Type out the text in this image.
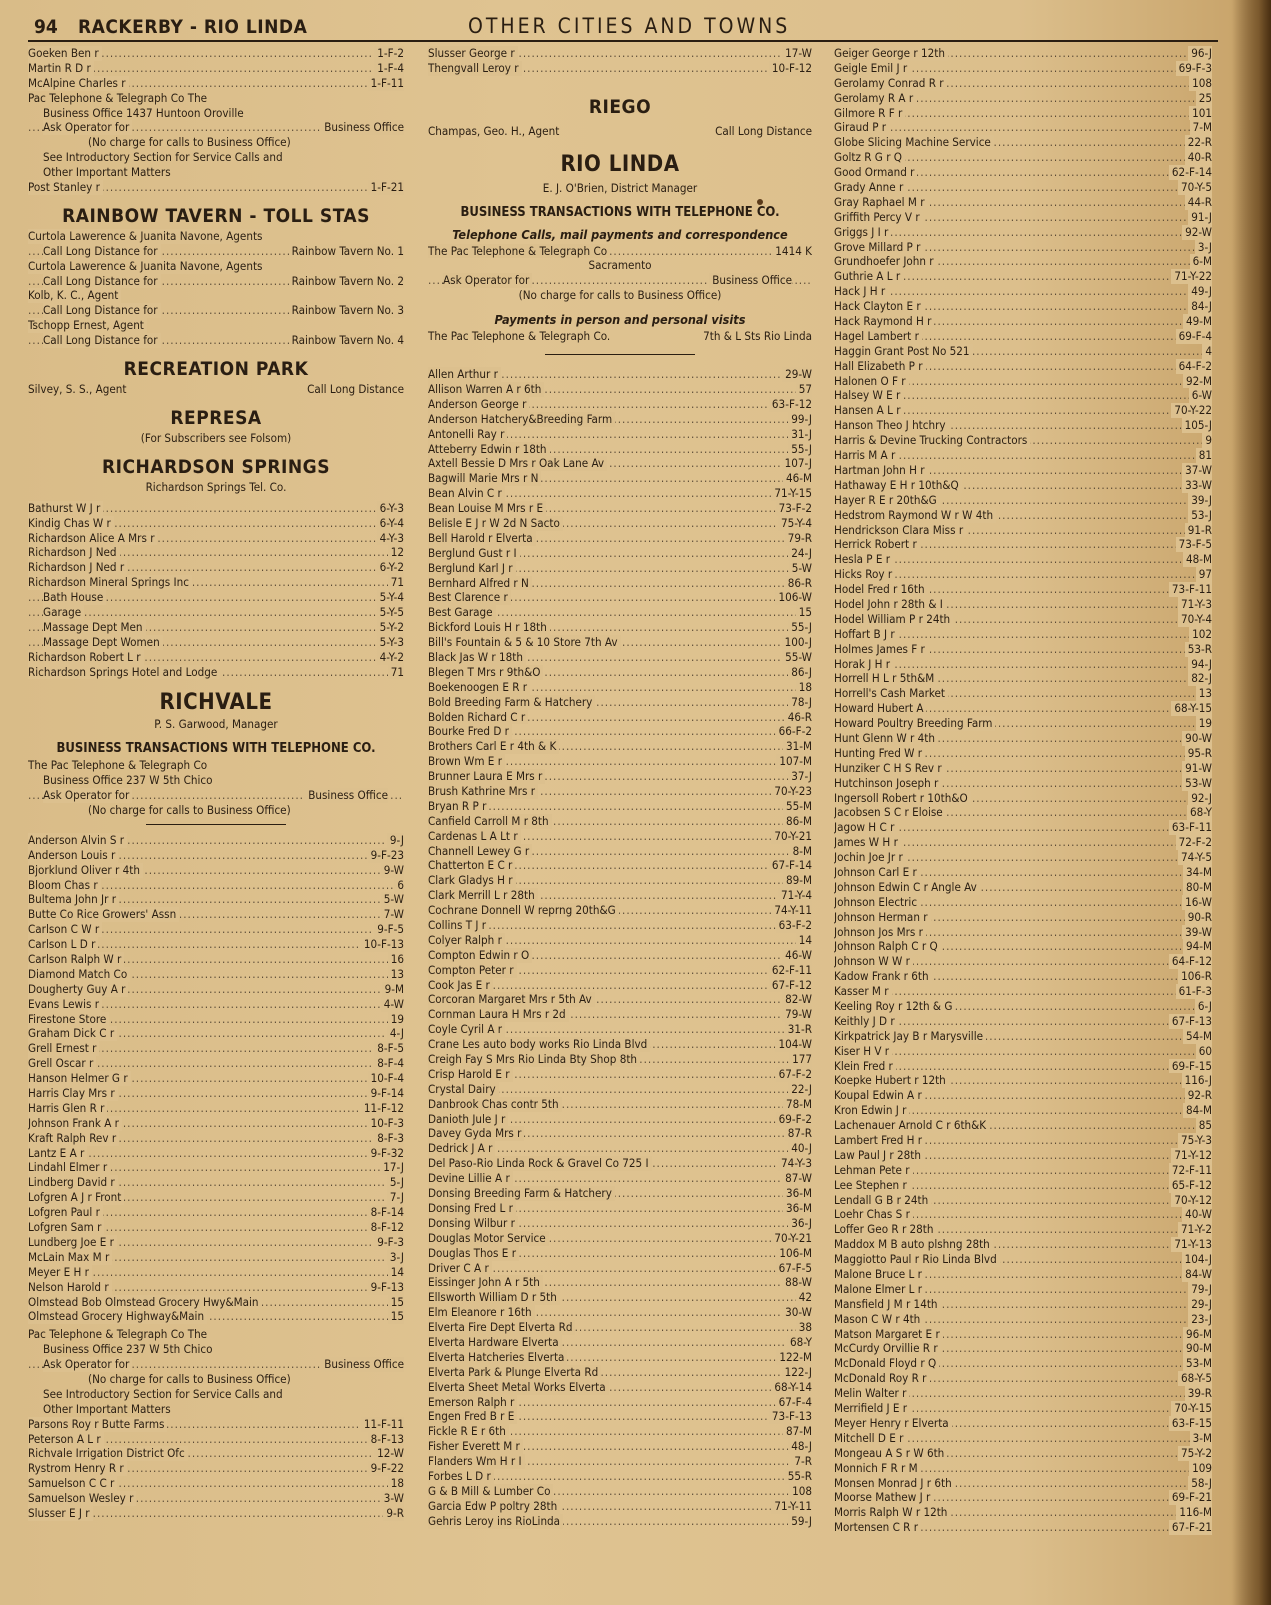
94 RACKERBY - RIO LINDA	OTHER CITIES AND TOWNS
.....
Goeken Ben r	1-F-2
.....
Martin R D r	1-F-4
.....
McAlpine Charles r	1-F-11
Pac Telephone & Telegraph Co The
Business Office 1437 Huntoon Oroville
.....
Ask Operator for	Business Office
(No charge for calls to Business Office)
See Introductory Section for Service Calls and
Other Important Matters
.....
Post Stanley r	1-F-21
RAINBOW TAVERN - TOLL STAS
Curtola Lawerence & Juanita Navone, Agents
.....
Call Long Distance for	Rainbow Tavern No. 1
Curtola Lawerence & Juanita Navone, Agents
.....
Call Long Distance for	Rainbow Tavern No. 2
Kolb, K. C., Agent
.....
Call Long Distance for	Rainbow Tavern No. 3
Tschopp Ernest, Agent
.....
Call Long Distance for	Rainbow Tavern No. 4
RECREATION PARK
Silvey, S. S., Agent	Call Long Distance
REPRESA
(For Subscribers see Folsom)
RICHARDSON SPRINGS
Richardson Springs Tel. Co.
.....
Bathurst W J r	6-Y-3
.....
Kindig Chas W r	6-Y-4
.....
Richardson Alice A Mrs r	4-Y-3
.....
Richardson J Ned	12
.....
Richardson J Ned r	6-Y-2
.....
Richardson Mineral Springs Inc	71
.....
Bath House	5-Y-4
.....
Garage	5-Y-5
.....
Massage Dept Men	5-Y-2
.....
Massage Dept Women	5-Y-3
.....
Richardson Robert L r	4-Y-2
.....
Richardson Springs Hotel and Lodge	71
RICHVALE
P. S. Garwood, Manager
BUSINESS TRANSACTIONS WITH TELEPHONE CO.
The Pac Telephone & Telegraph Co
Business Office 237 W 5th Chico
.....
Ask Operator for	Business Office
(No charge for calls to Business Office)
.....
Anderson Alvin S r	9-J
.....
Anderson Louis r	9-F-23
.....
Bjorklund Oliver r 4th	9-W
.....
Bloom Chas r	6
.....
Bultema John Jr r	5-W
.....
Butte Co Rice Growers' Assn	7-W
.....
Carlson C W r	9-F-5
.....
Carlson L D r	10-F-13
.....
Carlson Ralph W r	16
.....
Diamond Match Co	13
.....
Dougherty Guy A r	9-M
.....
Evans Lewis r	4-W
.....
Firestone Store	19
.....
Graham Dick C r	4-J
.....
Grell Ernest r	8-F-5
.....
Grell Oscar r	8-F-4
.....
Hanson Helmer G r	10-F-4
.....
Harris Clay Mrs r	9-F-14
.....
Harris Glen R r	11-F-12
.....
Johnson Frank A r	10-F-3
.....
Kraft Ralph Rev r	8-F-3
.....
Lantz E A r	9-F-32
.....
Lindahl Elmer r	17-J
.....
Lindberg David r	5-J
.....
Lofgren A J r Front	7-J
.....
Lofgren Paul r	8-F-14
.....
Lofgren Sam r	8-F-12
.....
Lundberg Joe E r	9-F-3
.....
McLain Max M r	3-J
.....
Meyer E H r	14
.....
Nelson Harold r	9-F-13
.....
Olmstead Bob Olmstead Grocery Hwy&Main	15
.....
Olmstead Grocery Highway&Main	15
Pac Telephone & Telegraph Co The
Business Office 237 W 5th Chico
.....
Ask Operator for	Business Office
(No charge for calls to Business Office)
See Introductory Section for Service Calls and
Other Important Matters
.....
Parsons Roy r Butte Farms	11-F-11
.....
Peterson A L r	8-F-13
.....
Richvale Irrigation District Ofc	12-W
.....
Rystrom Henry R r	9-F-22
.....
Samuelson C C r	18
.....
Samuelson Wesley r	3-W
.....
Slusser E J r	9-R
.....
Slusser George r	17-W
.....
Thengvall Leroy r	10-F-12
RIEGO
Champas, Geo. H., Agent	Call Long Distance
RIO LINDA
E. J. O'Brien, District Manager
BUSINESS TRANSACTIONS WITH TELEPHONE CO.
Telephone Calls, mail payments and correspondence
.....
The Pac Telephone & Telegraph Co	1414 K
Sacramento
.....
Ask Operator for	Business Office
(No charge for calls to Business Office)
Payments in person and personal visits
The Pac Telephone & Telegraph Co.	7th & L Sts Rio Linda
.....
Allen Arthur r	29-W
.....
Allison Warren A r 6th	57
.....
Anderson George r	63-F-12
.....
Anderson Hatchery&Breeding Farm	99-J
.....
Antonelli Ray r	31-J
.....
Atteberry Edwin r 18th	55-J
.....
Axtell Bessie D Mrs r Oak Lane Av	107-J
.....
Bagwill Marie Mrs r N	46-M
.....
Bean Alvin C r	71-Y-15
.....
Bean Louise M Mrs r E	73-F-2
.....
Belisle E J r W 2d N Sacto	75-Y-4
.....
Bell Harold r Elverta	79-R
.....
Berglund Gust r I	24-J
.....
Berglund Karl J r	5-W
.....
Bernhard Alfred r N	86-R
.....
Best Clarence r	106-W
.....
Best Garage	15
.....
Bickford Louis H r 18th	55-J
.....
Bill's Fountain & 5 & 10 Store 7th Av	100-J
.....
Black Jas W r 18th	55-W
.....
Blegen T Mrs r 9th&O	86-J
.....
Boekenoogen E R r	18
.....
Bold Breeding Farm & Hatchery	78-J
.....
Bolden Richard C r	46-R
.....
Bourke Fred D r	66-F-2
.....
Brothers Carl E r 4th & K	31-M
.....
Brown Wm E r	107-M
.....
Brunner Laura E Mrs r	37-J
.....
Brush Kathrine Mrs r	70-Y-23
.....
Bryan R P r	55-M
.....
Canfield Carroll M r 8th	86-M
.....
Cardenas L A Lt r	70-Y-21
.....
Channell Lewey G r	8-M
.....
Chatterton E C r	67-F-14
.....
Clark Gladys H r	89-M
.....
Clark Merrill L r 28th	71-Y-4
.....
Cochrane Donnell W reprng 20th&G	74-Y-11
.....
Collins T J r	63-F-2
.....
Colyer Ralph r	14
.....
Compton Edwin r O	46-W
.....
Compton Peter r	62-F-11
.....
Cook Jas E r	67-F-12
.....
Corcoran Margaret Mrs r 5th Av	82-W
.....
Cornman Laura H Mrs r 2d	79-W
.....
Coyle Cyril A r	31-R
.....
Crane Les auto body works Rio Linda Blvd	104-W
.....
Creigh Fay S Mrs Rio Linda Bty Shop 8th	177
.....
Crisp Harold E r	67-F-2
.....
Crystal Dairy	22-J
.....
Danbrook Chas contr 5th	78-M
.....
Danioth Jule J r	69-F-2
.....
Davey Gyda Mrs r	87-R
.....
Dedrick J A r	40-J
.....
Del Paso-Rio Linda Rock & Gravel Co 725 I	74-Y-3
.....
Devine Lillie A r	87-W
.....
Donsing Breeding Farm & Hatchery	36-M
.....
Donsing Fred L r	36-M
.....
Donsing Wilbur r	36-J
.....
Douglas Motor Service	70-Y-21
.....
Douglas Thos E r	106-M
.....
Driver C A r	67-F-5
.....
Eissinger John A r 5th	88-W
.....
Ellsworth William D r 5th	42
.....
Elm Eleanore r 16th	30-W
.....
Elverta Fire Dept Elverta Rd	38
.....
Elverta Hardware Elverta	68-Y
.....
Elverta Hatcheries Elverta	122-M
.....
Elverta Park & Plunge Elverta Rd	122-J
.....
Elverta Sheet Metal Works Elverta	68-Y-14
.....
Emerson Ralph r	67-F-4
.....
Engen Fred B r E	73-F-13
.....
Fickle R E r 6th	87-M
.....
Fisher Everett M r	48-J
.....
Flanders Wm H r I	7-R
.....
Forbes L D r	55-R
.....
G & B Mill & Lumber Co	108
.....
Garcia Edw P poltry 28th	71-Y-11
.....
Gehris Leroy ins RioLinda	59-J
.....
Geiger George r 12th	96-J
.....
Geigle Emil J r	69-F-3
.....
Gerolamy Conrad R r	108
.....
Gerolamy R A r	25
.....
Gilmore R F r	101
.....
Giraud P r	7-M
.....
Globe Slicing Machine Service	22-R
.....
Goltz R G r Q	40-R
.....
Good Ormand r	62-F-14
.....
Grady Anne r	70-Y-5
.....
Gray Raphael M r	44-R
.....
Griffith Percy V r	91-J
.....
Griggs J I r	92-W
.....
Grove Millard P r	3-J
.....
Grundhoefer John r	6-M
.....
Guthrie A L r	71-Y-22
.....
Hack J H r	49-J
.....
Hack Clayton E r	84-J
.....
Hack Raymond H r	49-M
.....
Hagel Lambert r	69-F-4
.....
Haggin Grant Post No 521	4
.....
Hall Elizabeth P r	64-F-2
.....
Halonen O F r	92-M
.....
Halsey W E r	6-W
.....
Hansen A L r	70-Y-22
.....
Hanson Theo J htchry	105-J
.....
Harris & Devine Trucking Contractors	9
.....
Harris M A r	81
.....
Hartman John H r	37-W
.....
Hathaway E H r 10th&Q	33-W
.....
Hayer R E r 20th&G	39-J
.....
Hedstrom Raymond W r W 4th	53-J
.....
Hendrickson Clara Miss r	91-R
.....
Herrick Robert r	73-F-5
.....
Hesla P E r	48-M
.....
Hicks Roy r	97
.....
Hodel Fred r 16th	73-F-11
.....
Hodel John r 28th & I	71-Y-3
.....
Hodel William P r 24th	70-Y-4
.....
Hoffart B J r	102
.....
Holmes James F r	53-R
.....
Horak J H r	94-J
.....
Horrell H L r 5th&M	82-J
.....
Horrell's Cash Market	13
.....
Howard Hubert A	68-Y-15
.....
Howard Poultry Breeding Farm	19
.....
Hunt Glenn W r 4th	90-W
.....
Hunting Fred W r	95-R
.....
Hunziker C H S Rev r	91-W
.....
Hutchinson Joseph r	53-W
.....
Ingersoll Robert r 10th&O	92-J
.....
Jacobsen S C r Eloise	68-Y
.....
Jagow H C r	63-F-11
.....
James W H r	72-F-2
.....
Jochin Joe Jr r	74-Y-5
.....
Johnson Carl E r	34-M
.....
Johnson Edwin C r Angle Av	80-M
.....
Johnson Electric	16-W
.....
Johnson Herman r	90-R
.....
Johnson Jos Mrs r	39-W
.....
Johnson Ralph C r Q	94-M
.....
Johnson W W r	64-F-12
.....
Kadow Frank r 6th	106-R
.....
Kasser M r	61-F-3
.....
Keeling Roy r 12th & G	6-J
.....
Keithly J D r	67-F-13
.....
Kirkpatrick Jay B r Marysville	54-M
.....
Kiser H V r	60
.....
Klein Fred r	69-F-15
.....
Koepke Hubert r 12th	116-J
.....
Koupal Edwin A r	92-R
.....
Kron Edwin J r	84-M
.....
Lachenauer Arnold C r 6th&K	85
.....
Lambert Fred H r	75-Y-3
.....
Law Paul J r 28th	71-Y-12
.....
Lehman Pete r	72-F-11
.....
Lee Stephen r	65-F-12
.....
Lendall G B r 24th	70-Y-12
.....
Loehr Chas S r	40-W
.....
Loffer Geo R r 28th	71-Y-2
.....
Maddox M B auto plshng 28th	71-Y-13
.....
Maggiotto Paul r Rio Linda Blvd	104-J
.....
Malone Bruce L r	84-W
.....
Malone Elmer L r	79-J
.....
Mansfield J M r 14th	29-J
.....
Mason C W r 4th	23-J
.....
Matson Margaret E r	96-M
.....
McCurdy Orvillie R r	90-M
.....
McDonald Floyd r Q	53-M
.....
McDonald Roy R r	68-Y-5
.....
Melin Walter r	39-R
.....
Merrifield J E r	70-Y-15
.....
Meyer Henry r Elverta	63-F-15
.....
Mitchell D E r	3-M
.....
Mongeau A S r W 6th	75-Y-2
.....
Monnich F R r M	109
.....
Monsen Monrad J r 6th	58-J
.....
Moorse Mathew J r	69-F-21
.....
Morris Ralph W r 12th	116-M
.....
Mortensen C R r	67-F-21
